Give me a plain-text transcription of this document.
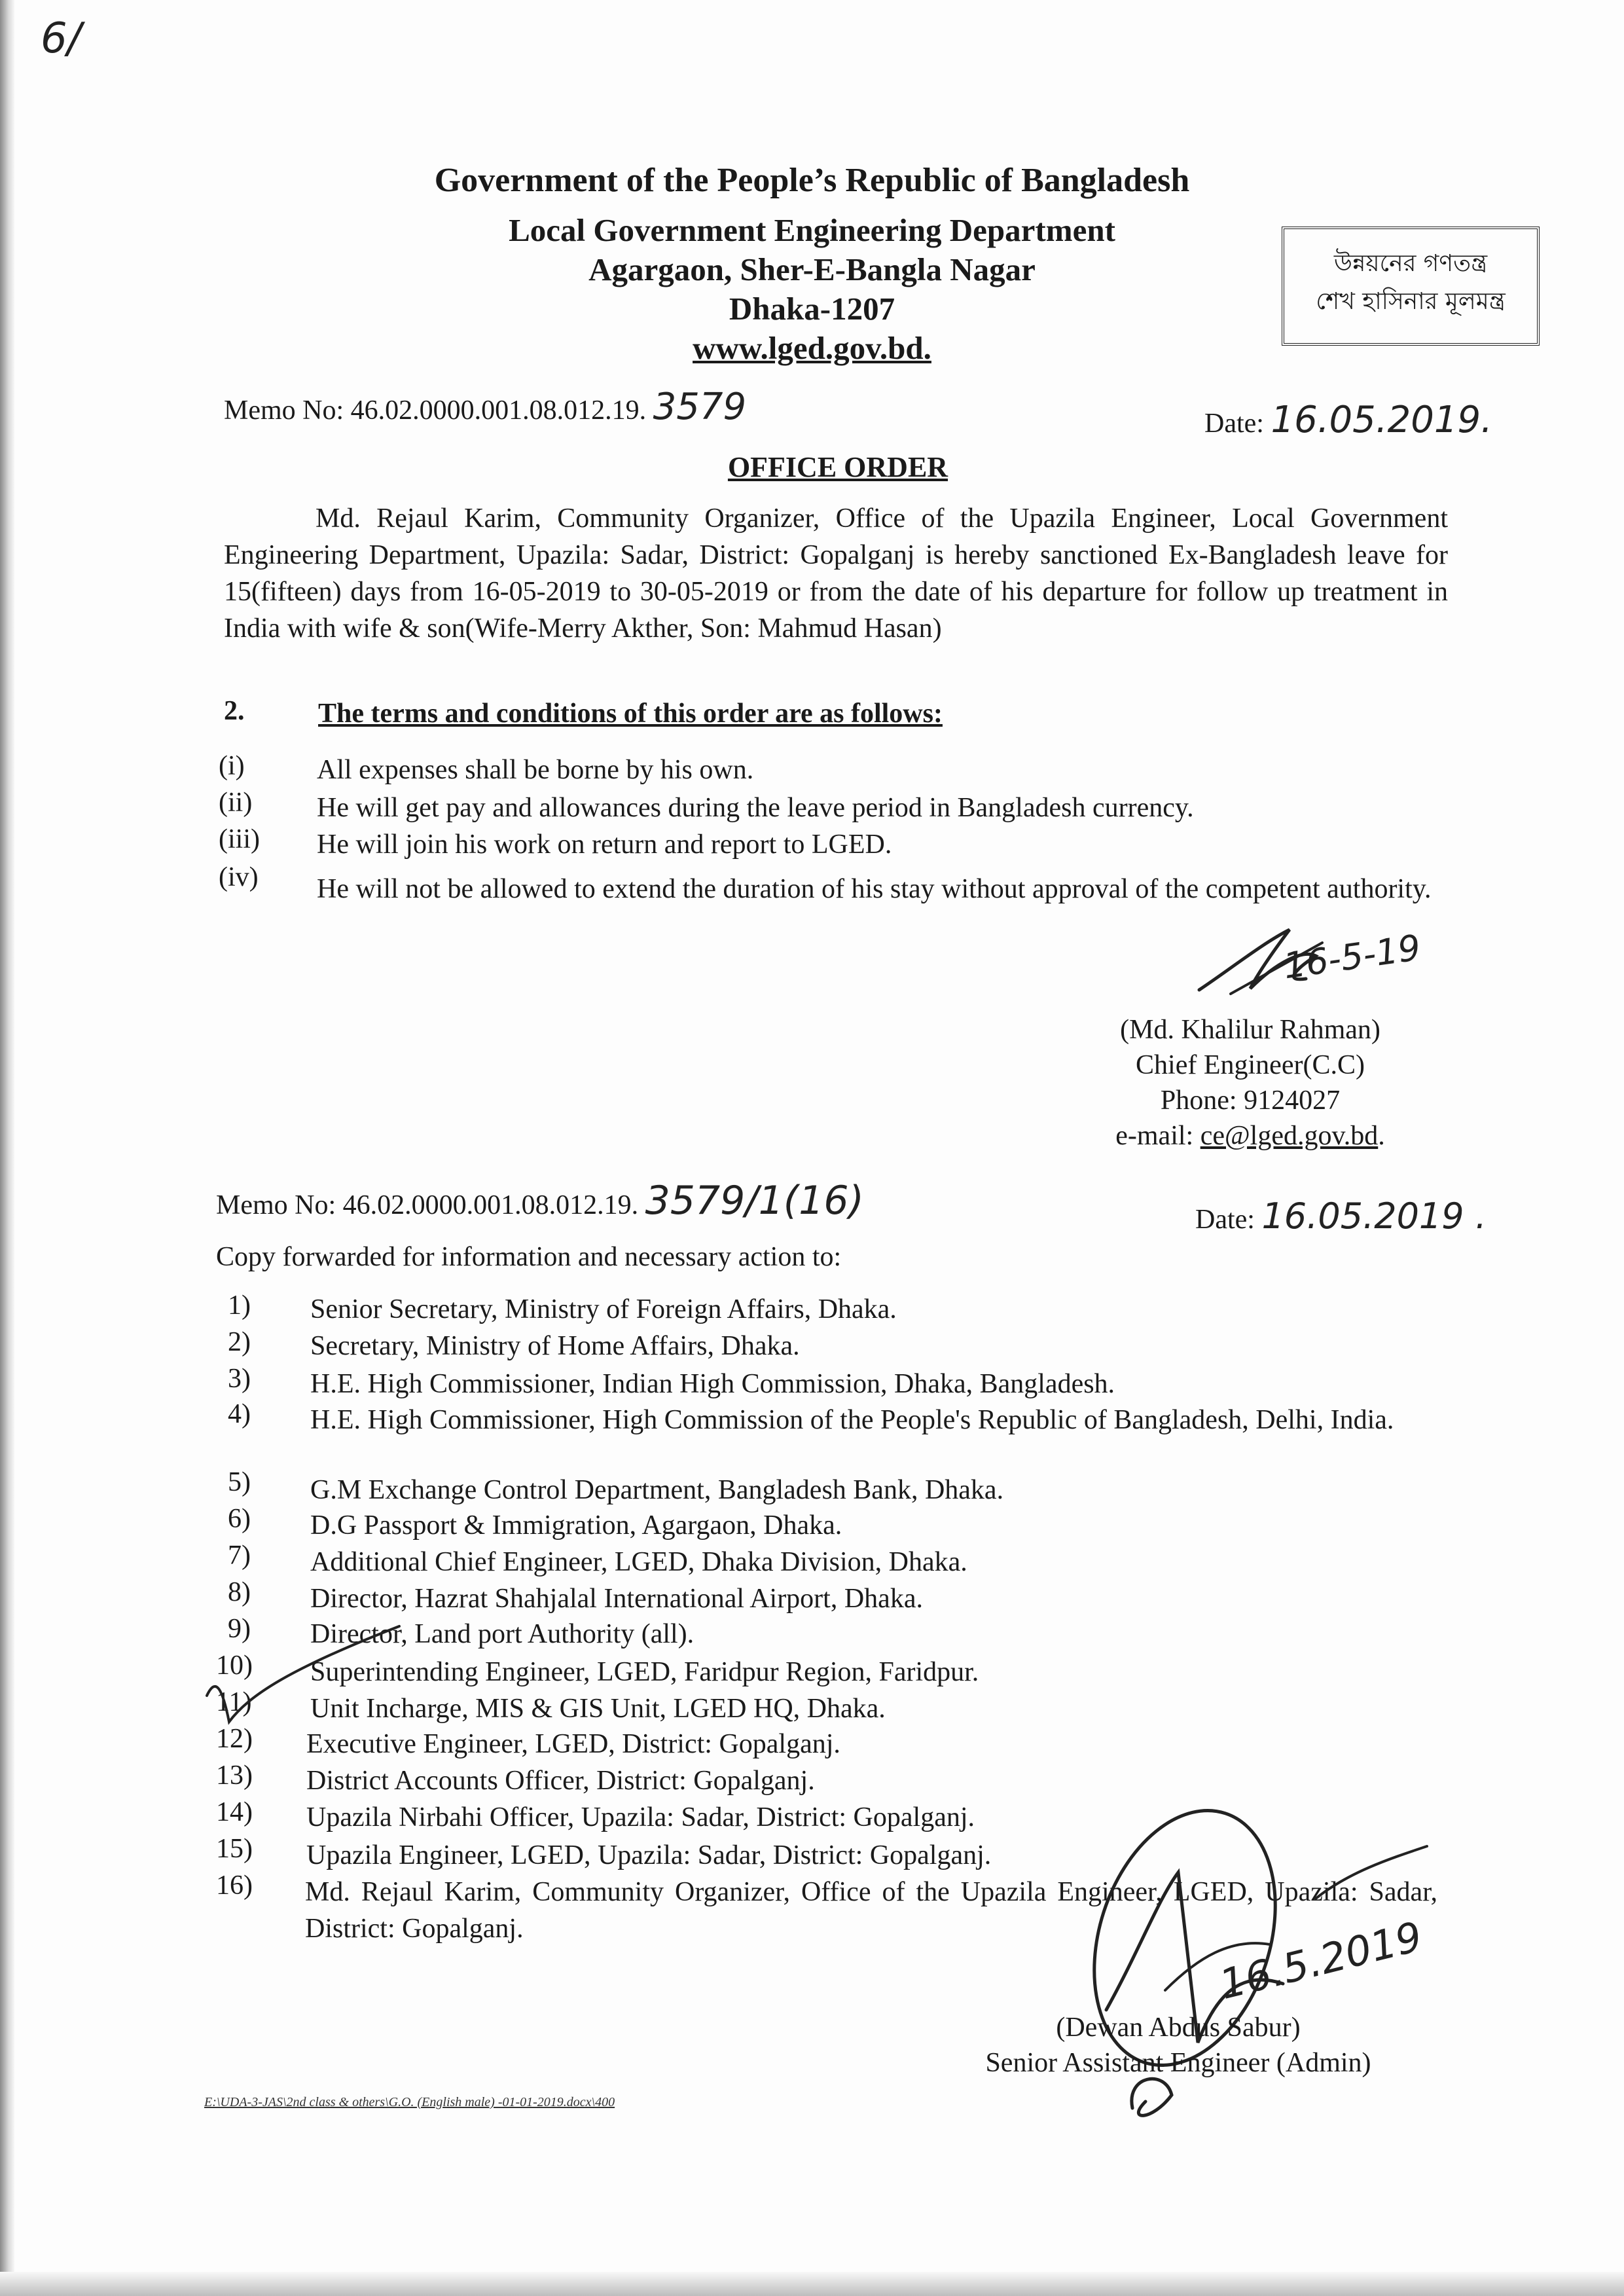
6/
Government of the People’s Republic of Bangladesh
Local Government Engineering Department
Agargaon, Sher-E-Bangla Nagar
Dhaka-1207
www.lged.gov.bd.
উন্নয়নের গণতন্ত্র
শেখ হাসিনার মূলমন্ত্র
Memo No: 46.02.0000.001.08.012.19. 3579	Date: 16.05.2019.
OFFICE ORDER
Md. Rejaul Karim, Community Organizer, Office of the Upazila Engineer, Local Government Engineering Department, Upazila: Sadar, District: Gopalganj is hereby sanctioned Ex-Bangladesh leave for 15(fifteen) days from 16-05-2019 to 30-05-2019 or from the date of his departure for follow up treatment in India with wife & son(Wife-Merry Akther, Son: Mahmud Hasan)
2.	The terms and conditions of this order are as follows:
(i)	All expenses shall be borne by his own.
(ii) He will get pay and allowances during the leave period in Bangladesh currency.
(iii) He will join his work on return and report to LGED.
(iv) He will not be allowed to extend the duration of his stay without approval of the competent authority.
16-5-19
(Md. Khalilur Rahman)
Chief Engineer(C.C)
Phone: 9124027
e-mail: ce@lged.gov.bd.
Memo No: 46.02.0000.001.08.012.19. 3579/1(16)	Date: 16.05.2019 .
Copy forwarded for information and necessary action to:
1) Senior Secretary, Ministry of Foreign Affairs, Dhaka.
2) Secretary, Ministry of Home Affairs, Dhaka.
3) H.E. High Commissioner, Indian High Commission, Dhaka, Bangladesh.
4) H.E. High Commissioner, High Commission of the People's Republic of Bangladesh, Delhi, India.
5) G.M Exchange Control Department, Bangladesh Bank, Dhaka.
6) D.G Passport & Immigration, Agargaon, Dhaka.
7) Additional Chief Engineer, LGED, Dhaka Division, Dhaka.
8) Director, Hazrat Shahjalal International Airport, Dhaka.
9) Director, Land port Authority (all).
10) Superintending Engineer, LGED, Faridpur Region, Faridpur.
11) Unit Incharge, MIS & GIS Unit, LGED HQ, Dhaka.
12) Executive Engineer, LGED, District: Gopalganj.
13) District Accounts Officer, District: Gopalganj.
14) Upazila Nirbahi Officer, Upazila: Sadar, District: Gopalganj.
15) Upazila Engineer, LGED, Upazila: Sadar, District: Gopalganj.
16) Md. Rejaul Karim, Community Organizer, Office of the Upazila Engineer, LGED, Upazila: Sadar, District: Gopalganj.	16.5.2019
(Dewan Abdus Sabur)
Senior Assistant Engineer (Admin)
E:\UDA-3-JAS\2nd class & others\G.O. (English male) -01-01-2019.docx\400
